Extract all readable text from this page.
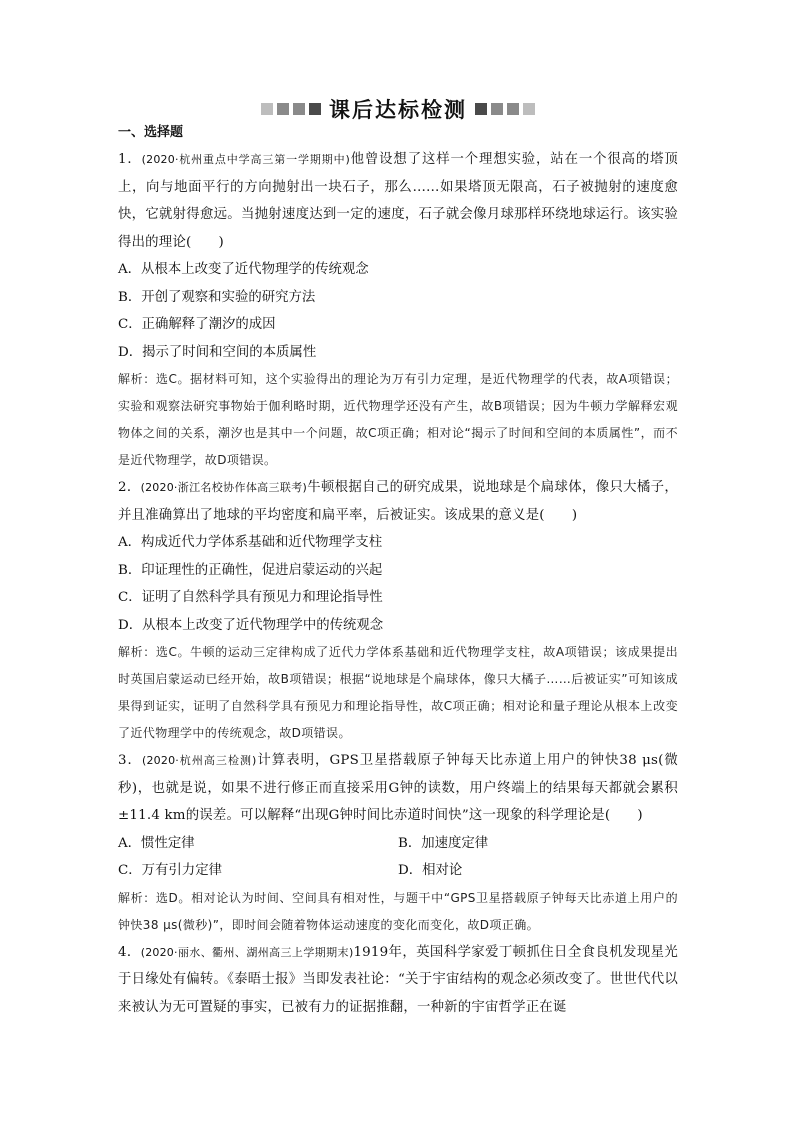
课后达标检测
一、选择题

1．(2020·杭州重点中学高三第一学期期中)他曾设想了这样一个理想实验，站在一个很高的塔顶上，向与地面平行的方向抛射出一块石子，那么……如果塔顶无限高，石子被抛射的速度愈快，它就射得愈远。当抛射速度达到一定的速度，石子就会像月球那样环绕地球运行。该实验得出的理论(　　)

A．从根本上改变了近代物理学的传统观念

B．开创了观察和实验的研究方法

C．正确解释了潮汐的成因

D．揭示了时间和空间的本质属性

解析：选C。据材料可知，这个实验得出的理论为万有引力定理，是近代物理学的代表，故A项错误；实验和观察法研究事物始于伽利略时期，近代物理学还没有产生，故B项错误；因为牛顿力学解释宏观物体之间的关系，潮汐也是其中一个问题，故C项正确；相对论“揭示了时间和空间的本质属性”，而不是近代物理学，故D项错误。

2．(2020·浙江名校协作体高三联考)牛顿根据自己的研究成果，说地球是个扁球体，像只大橘子，并且准确算出了地球的平均密度和扁平率，后被证实。该成果的意义是(　　)

A．构成近代力学体系基础和近代物理学支柱

B．印证理性的正确性，促进启蒙运动的兴起

C．证明了自然科学具有预见力和理论指导性

D．从根本上改变了近代物理学中的传统观念

解析：选C。牛顿的运动三定律构成了近代力学体系基础和近代物理学支柱，故A项错误；该成果提出时英国启蒙运动已经开始，故B项错误；根据“说地球是个扁球体，像只大橘子……后被证实”可知该成果得到证实，证明了自然科学具有预见力和理论指导性，故C项正确；相对论和量子理论从根本上改变了近代物理学中的传统观念，故D项错误。

3．(2020·杭州高三检测)计算表明，GPS卫星搭载原子钟每天比赤道上用户的钟快38 μs(微秒)，也就是说，如果不进行修正而直接采用G钟的读数，用户终端上的结果每天都就会累积±11.4 km的误差。可以解释“出现G钟时间比赤道时间快”这一现象的科学理论是(　　)

A．惯性定律	B．加速度定律
C．万有引力定律	D．相对论

解析：选D。相对论认为时间、空间具有相对性，与题干中“GPS卫星搭载原子钟每天比赤道上用户的钟快38 μs(微秒)”，即时间会随着物体运动速度的变化而变化，故D项正确。

4．(2020·丽水、衢州、湖州高三上学期期末)1919年，英国科学家爱丁顿抓住日全食良机发现星光于日缘处有偏转。《泰晤士报》当即发表社论：“关于宇宙结构的观念必须改变了。世世代代以来被认为无可置疑的事实，已被有力的证据推翻，一种新的宇宙哲学正在诞
